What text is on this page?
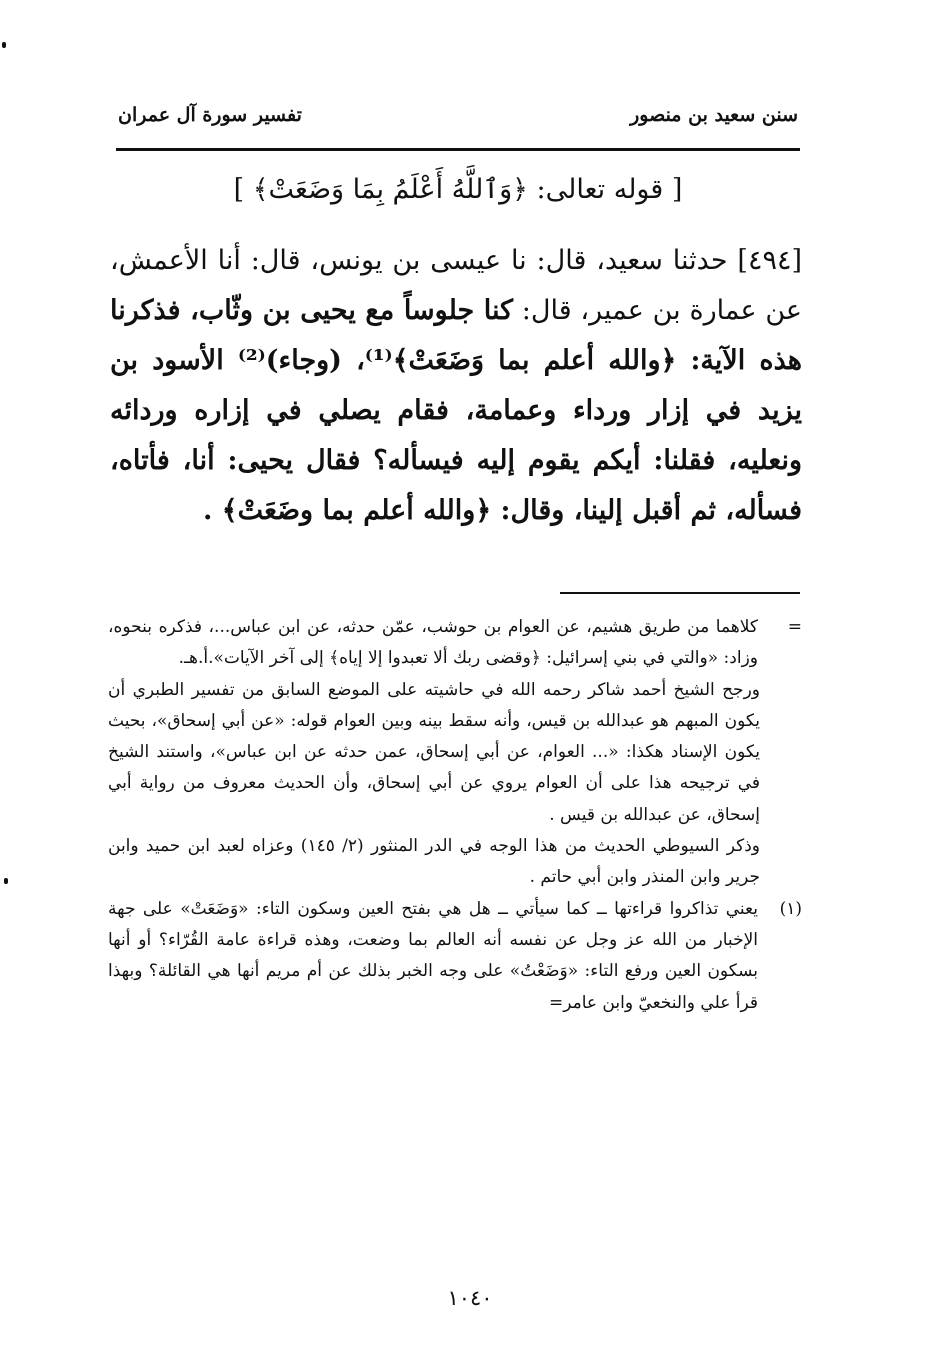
سنن سعيد بن منصور
تفسير سورة آل عمران
[ قوله تعالى: ﴿وَٱللَّهُ أَعْلَمُ بِمَا وَضَعَتْ﴾ ]
[٤٩٤] حدثنا سعيد، قال: نا عيسى بن يونس، قال: أنا الأعمش، عن عمارة بن عمير، قال: كنا جلوساً مع يحيى بن وثّاب، فذكرنا هذه الآية: ﴿والله أعلم بما وَضَعَتْ﴾⁽¹⁾، (وجاء)⁽²⁾ الأسود بن يزيد في إزار ورداء وعمامة، فقام يصلي في إزاره وردائه ونعليه، فقلنا: أيكم يقوم إليه فيسأله؟ فقال يحيى: أنا، فأتاه، فسأله، ثم أقبل إلينا، وقال: ﴿والله أعلم بما وضَعَتْ﴾ .
=

كلاهما من طريق هشيم، عن العوام بن حوشب، عمّن حدثه، عن ابن عباس...، فذكره بنحوه، وزاد: «والتي في بني إسرائيل: ﴿وقضى ربك ألا تعبدوا إلا إياه﴾ إلى آخر الآيات».أ.هـ.

ورجح الشيخ أحمد شاكر رحمه الله في حاشيته على الموضع السابق من تفسير الطبري أن يكون المبهم هو عبدالله بن قيس، وأنه سقط بينه وبين العوام قوله: «عن أبي إسحاق»، بحيث يكون الإسناد هكذا: «... العوام، عن أبي إسحاق، عمن حدثه عن ابن عباس»، واستند الشيخ في ترجيحه هذا على أن العوام يروي عن أبي إسحاق، وأن الحديث معروف من رواية أبي إسحاق، عن عبدالله بن قيس .

وذكر السيوطي الحديث من هذا الوجه في الدر المنثور (٢/ ١٤٥) وعزاه لعبد ابن حميد وابن جرير وابن المنذر وابن أبي حاتم .

(١)

يعني تذاكروا قراءتها ــ كما سيأتي ــ هل هي بفتح العين وسكون التاء: «وَضَعَتْ» على جهة الإخبار من الله عز وجل عن نفسه أنه العالم بما وضعت، وهذه قراءة عامة القُرّاء؟ أو أنها بسكون العين ورفع التاء: «وَضَعْتُ» على وجه الخبر بذلك عن أم مريم أنها هي القائلة؟ وبهذا قرأ علي والنخعيّ وابن عامر=

١٠٤٠
